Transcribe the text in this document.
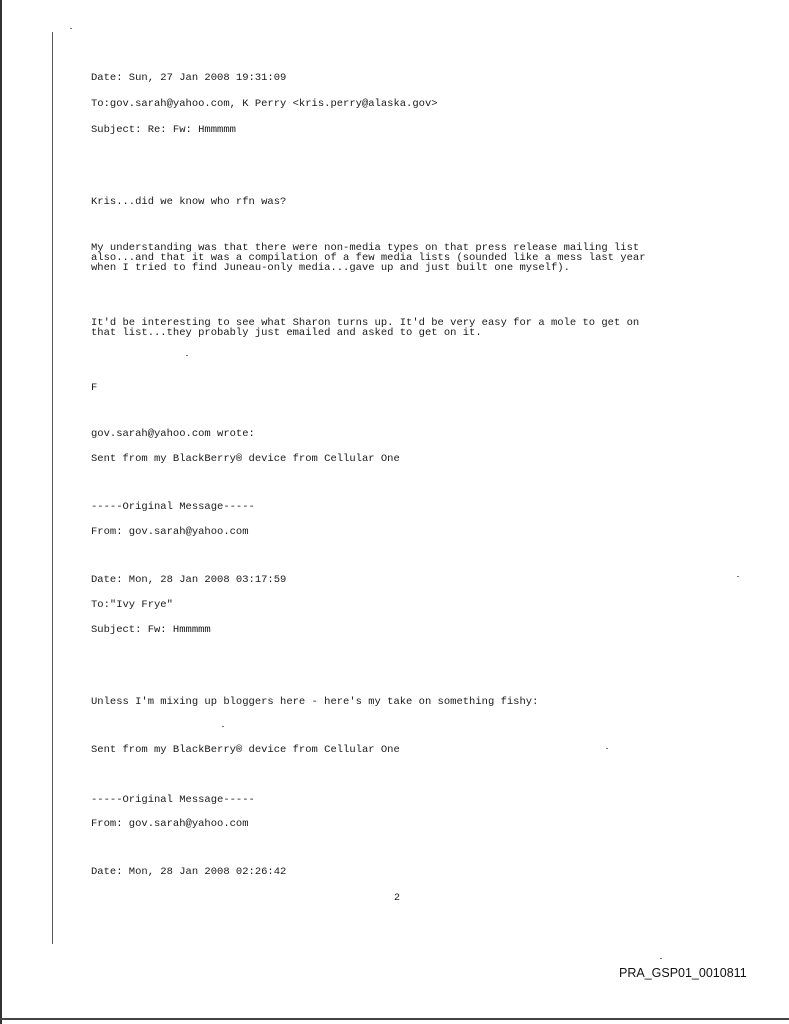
Date: Sun, 27 Jan 2008 19:31:09
To:gov.sarah@yahoo.com, K Perry <kris.perry@alaska.gov>
Subject: Re: Fw: Hmmmmm
Kris...did we know who rfn was?
My understanding was that there were non-media types on that press release mailing list
also...and that it was a compilation of a few media lists (sounded like a mess last year
when I tried to find Juneau-only media...gave up and just built one myself).
It'd be interesting to see what Sharon turns up. It'd be very easy for a mole to get on
that list...they probably just emailed and asked to get on it.
F
gov.sarah@yahoo.com wrote:
Sent from my BlackBerry® device from Cellular One
-----Original Message-----
From: gov.sarah@yahoo.com
Date: Mon, 28 Jan 2008 03:17:59
To:"Ivy Frye"
Subject: Fw: Hmmmmm
Unless I'm mixing up bloggers here - here's my take on something fishy:
Sent from my BlackBerry® device from Cellular One
-----Original Message-----
From: gov.sarah@yahoo.com
Date: Mon, 28 Jan 2008 02:26:42
2
PRA_GSP01_0010811
